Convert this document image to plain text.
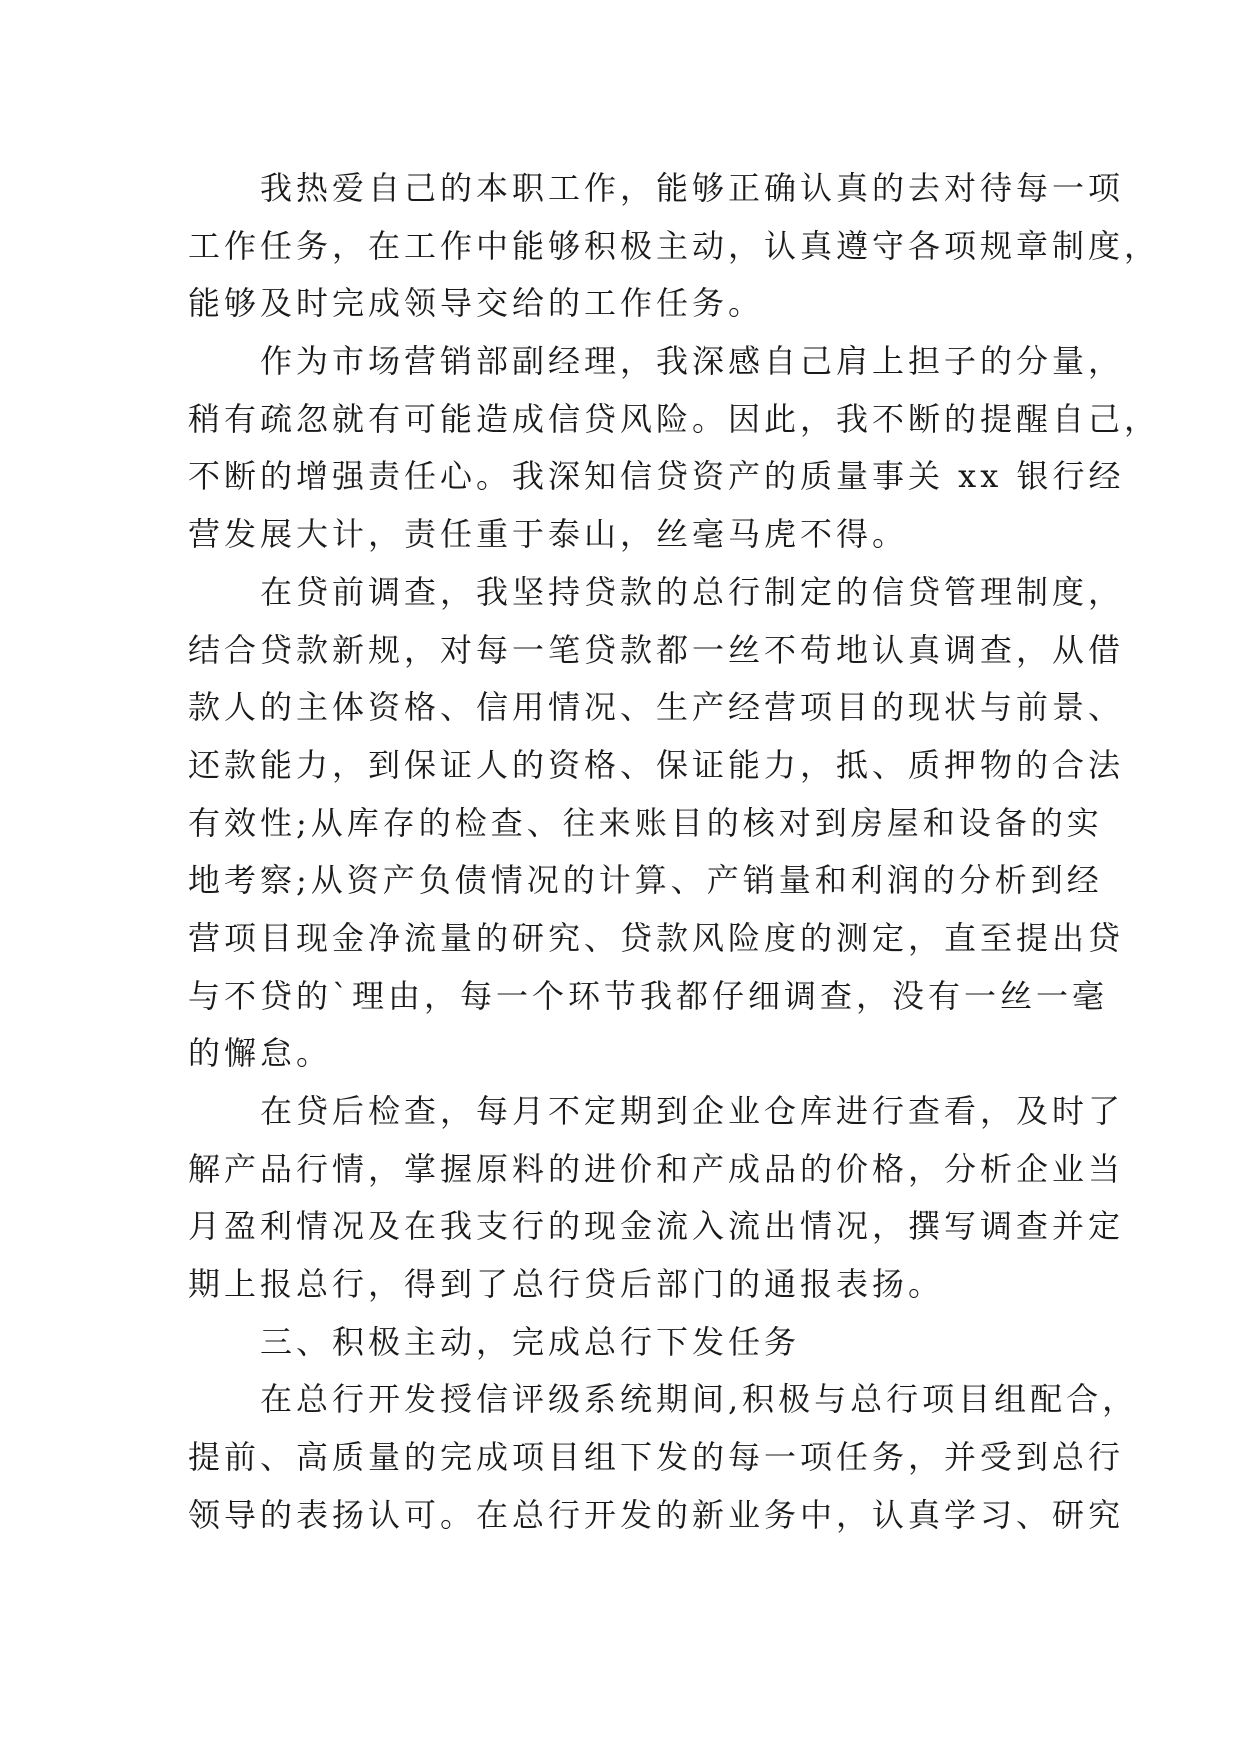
　　我热爱自己的本职工作，能够正确认真的去对待每一项
工作任务，在工作中能够积极主动，认真遵守各项规章制度，
能够及时完成领导交给的工作任务。
　　作为市场营销部副经理，我深感自己肩上担子的分量，
稍有疏忽就有可能造成信贷风险。因此，我不断的提醒自己，
不断的增强责任心。我深知信贷资产的质量事关 xx 银行经
营发展大计，责任重于泰山，丝毫马虎不得。
　　在贷前调查，我坚持贷款的总行制定的信贷管理制度，
结合贷款新规，对每一笔贷款都一丝不苟地认真调查，从借
款人的主体资格、信用情况、生产经营项目的现状与前景、
还款能力，到保证人的资格、保证能力，抵、质押物的合法
有效性;从库存的检查、往来账目的核对到房屋和设备的实
地考察;从资产负债情况的计算、产销量和利润的分析到经
营项目现金净流量的研究、贷款风险度的测定，直至提出贷
与不贷的`理由，每一个环节我都仔细调查，没有一丝一毫
的懈怠。
　　在贷后检查，每月不定期到企业仓库进行查看，及时了
解产品行情，掌握原料的进价和产成品的价格，分析企业当
月盈利情况及在我支行的现金流入流出情况，撰写调查并定
期上报总行，得到了总行贷后部门的通报表扬。
　　三、积极主动，完成总行下发任务
　　在总行开发授信评级系统期间,积极与总行项目组配合，
提前、高质量的完成项目组下发的每一项任务，并受到总行
领导的表扬认可。在总行开发的新业务中，认真学习、研究
